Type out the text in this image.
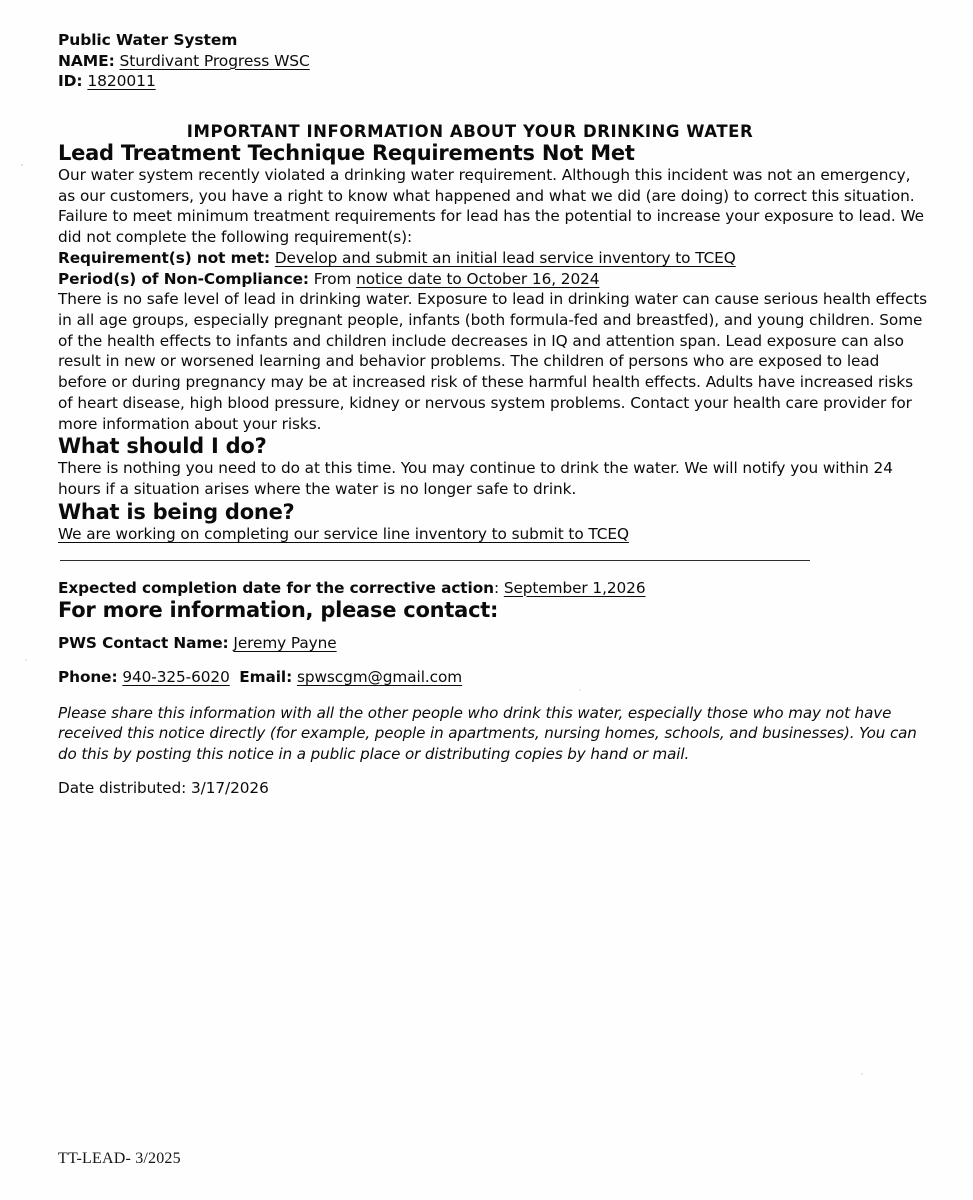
Public Water System
NAME: Sturdivant Progress WSC
ID: 1820011
IMPORTANT INFORMATION ABOUT YOUR DRINKING WATER
Lead Treatment Technique Requirements Not Met

Our water system recently violated a drinking water requirement. Although this incident was not an emergency, as our customers, you have a right to know what happened and what we did (are doing) to correct this situation.

Failure to meet minimum treatment requirements for lead has the potential to increase your exposure to lead. We did not complete the following requirement(s):

Requirement(s) not met: Develop and submit an initial lead service inventory to TCEQ

Period(s) of Non-Compliance: From notice date to October 16, 2024

There is no safe level of lead in drinking water. Exposure to lead in drinking water can cause serious health effects in all age groups, especially pregnant people, infants (both formula-fed and breastfed), and young children. Some of the health effects to infants and children include decreases in IQ and attention span. Lead exposure can also result in new or worsened learning and behavior problems. The children of persons who are exposed to lead before or during pregnancy may be at increased risk of these harmful health effects. Adults have increased risks of heart disease, high blood pressure, kidney or nervous system problems. Contact your health care provider for more information about your risks.

What should I do?

There is nothing you need to do at this time. You may continue to drink the water. We will notify you within 24 hours if a situation arises where the water is no longer safe to drink.

What is being done?

We are working on completing our service line inventory to submit to TCEQ

Expected completion date for the corrective action: September 1,2026

For more information, please contact:

PWS Contact Name: Jeremy Payne

Phone: 940-325-6020 Email: spwscgm@gmail.com

Please share this information with all the other people who drink this water, especially those who may not have received this notice directly (for example, people in apartments, nursing homes, schools, and businesses). You can do this by posting this notice in a public place or distributing copies by hand or mail.

Date distributed: 3/17/2026

TT-LEAD- 3/2025
